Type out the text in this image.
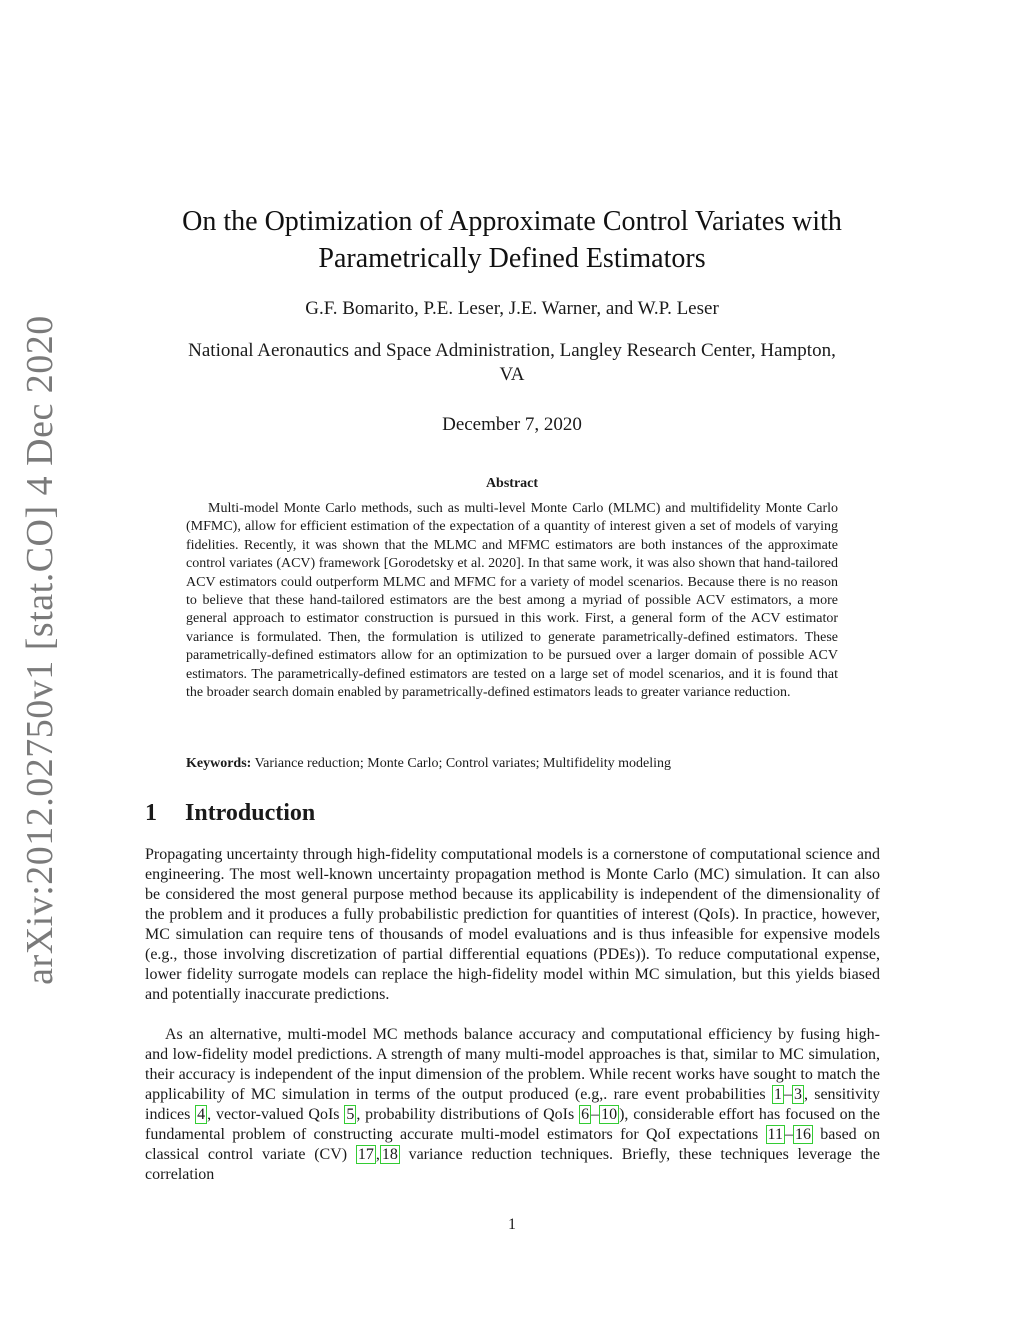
arXiv:2012.02750v1 [stat.CO] 4 Dec 2020
On the Optimization of Approximate Control Variates with
Parametrically Defined Estimators
G.F. Bomarito, P.E. Leser, J.E. Warner, and W.P. Leser
National Aeronautics and Space Administration, Langley Research Center, Hampton,
VA
December 7, 2020
Abstract

Multi-model Monte Carlo methods, such as multi-level Monte Carlo (MLMC) and multifidelity Monte Carlo (MFMC), allow for efficient estimation of the expectation of a quantity of interest given a set of models of varying fidelities. Recently, it was shown that the MLMC and MFMC estimators are both instances of the approximate control variates (ACV) framework [Gorodetsky et al. 2020]. In that same work, it was also shown that hand-tailored ACV estimators could outperform MLMC and MFMC for a variety of model scenarios. Because there is no reason to believe that these hand-tailored estimators are the best among a myriad of possible ACV estimators, a more general approach to estimator construction is pursued in this work. First, a general form of the ACV estimator variance is formulated. Then, the formulation is utilized to generate parametrically-defined estimators. These parametrically-defined estimators allow for an optimization to be pursued over a larger domain of possible ACV estimators. The parametrically-defined estimators are tested on a large set of model scenarios, and it is found that the broader search domain enabled by parametrically-defined estimators leads to greater variance reduction.

Keywords: Variance reduction; Monte Carlo; Control variates; Multifidelity modeling
1 Introduction

Propagating uncertainty through high-fidelity computational models is a cornerstone of computational science and engineering. The most well-known uncertainty propagation method is Monte Carlo (MC) simulation. It can also be considered the most general purpose method because its applicability is independent of the dimensionality of the problem and it produces a fully probabilistic prediction for quantities of interest (QoIs). In practice, however, MC simulation can require tens of thousands of model evaluations and is thus infeasible for expensive models (e.g., those involving discretization of partial differential equations (PDEs)). To reduce computational expense, lower fidelity surrogate models can replace the high-fidelity model within MC simulation, but this yields biased and potentially inaccurate predictions.

As an alternative, multi-model MC methods balance accuracy and computational efficiency by fusing high- and low-fidelity model predictions. A strength of many multi-model approaches is that, similar to MC simulation, their accuracy is independent of the input dimension of the problem. While recent works have sought to match the applicability of MC simulation in terms of the output produced (e.g,. rare event probabilities 1 – 3 , sensitivity indices 4 , vector-valued QoIs 5 , probability distributions of QoIs 6 – 10 ), considerable effort has focused on the fundamental problem of constructing accurate multi-model estimators for QoI expectations 11 – 16 based on classical control variate (CV) 17 , 18 variance reduction techniques. Briefly, these techniques leverage the correlation

1
